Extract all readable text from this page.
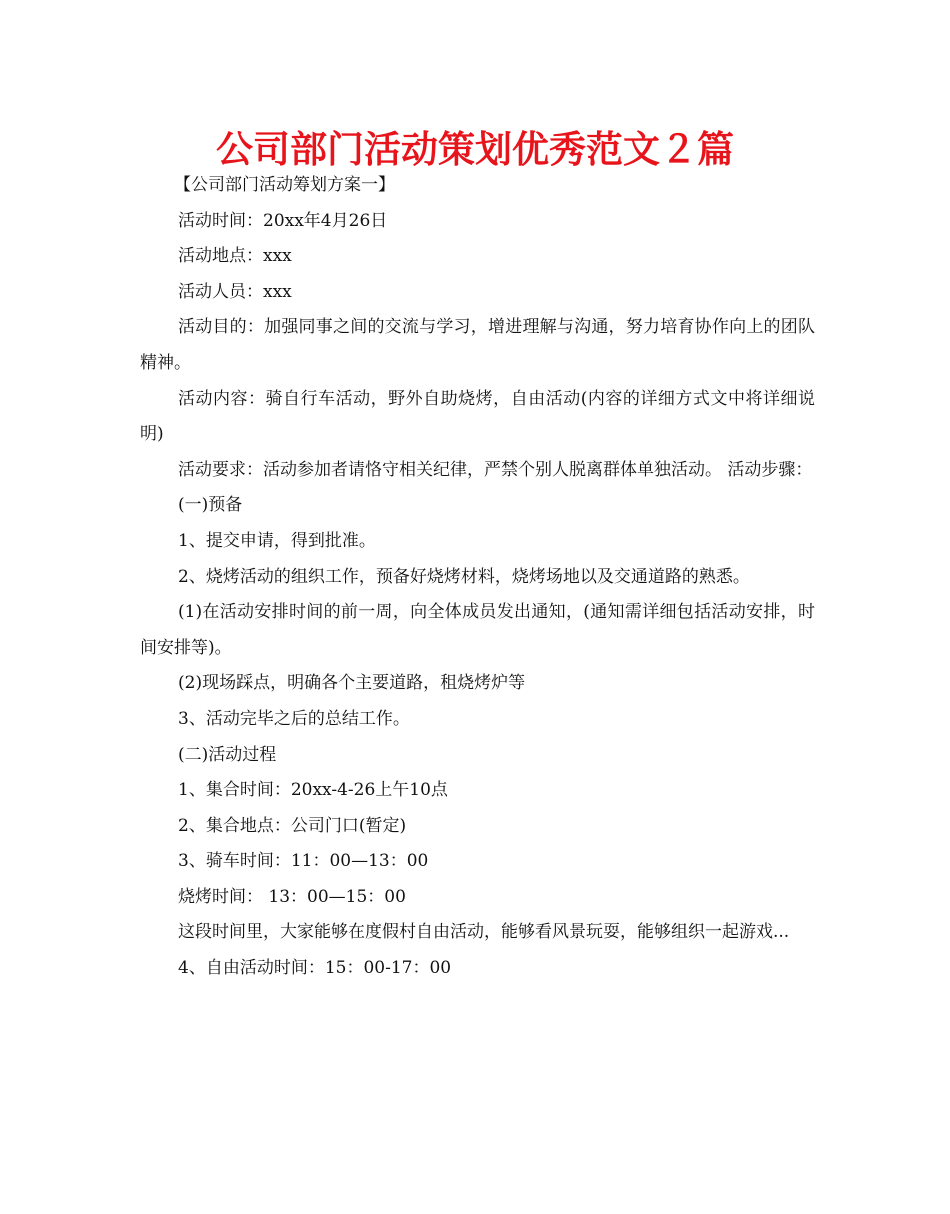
公司部门活动策划优秀范文２篇

【公司部门活动筹划方案一】

活动时间：20xx年4月26日

活动地点：xxx

活动人员：xxx

活动目的：加强同事之间的交流与学习，增进理解与沟通，努力培育协作向上的团队精神。

活动内容：骑自行车活动，野外自助烧烤，自由活动(内容的详细方式文中将详细说明)

活动要求：活动参加者请恪守相关纪律，严禁个别人脱离群体单独活动。 活动步骤：

(一)预备

1、提交申请，得到批准。

2、烧烤活动的组织工作，预备好烧烤材料，烧烤场地以及交通道路的熟悉。

(1)在活动安排时间的前一周，向全体成员发出通知，(通知需详细包括活动安排，时间安排等)。

(2)现场踩点，明确各个主要道路，租烧烤炉等

3、活动完毕之后的总结工作。

(二)活动过程

1、集合时间：20xx-4-26上午10点

2、集合地点：公司门口(暂定)

3、骑车时间：11：00—13：00

烧烤时间： 13：00—15：00

这段时间里，大家能够在度假村自由活动，能够看风景玩耍，能够组织一起游戏...

4、自由活动时间：15：00-17：00
